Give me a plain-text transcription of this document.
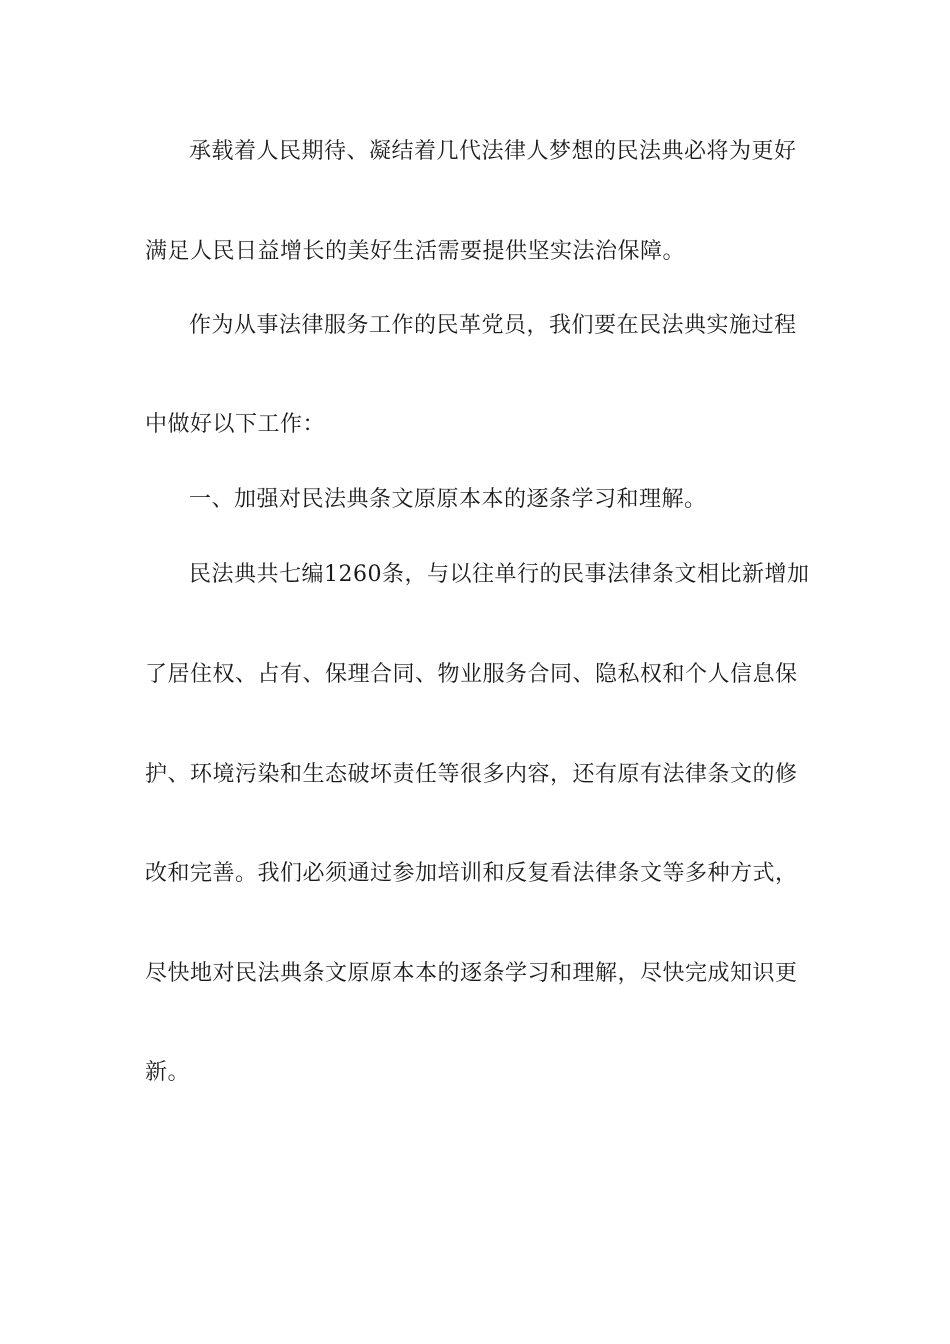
承载着人民期待、凝结着几代法律人梦想的民法典必将为更好
满足人民日益增长的美好生活需要提供坚实法治保障。
作为从事法律服务工作的民革党员，我们要在民法典实施过程
中做好以下工作：
一、加强对民法典条文原原本本的逐条学习和理解。
民法典共七编1260条，与以往单行的民事法律条文相比新增加
了居住权、占有、保理合同、物业服务合同、隐私权和个人信息保
护、环境污染和生态破坏责任等很多内容，还有原有法律条文的修
改和完善。我们必须通过参加培训和反复看法律条文等多种方式，
尽快地对民法典条文原原本本的逐条学习和理解，尽快完成知识更
新。
